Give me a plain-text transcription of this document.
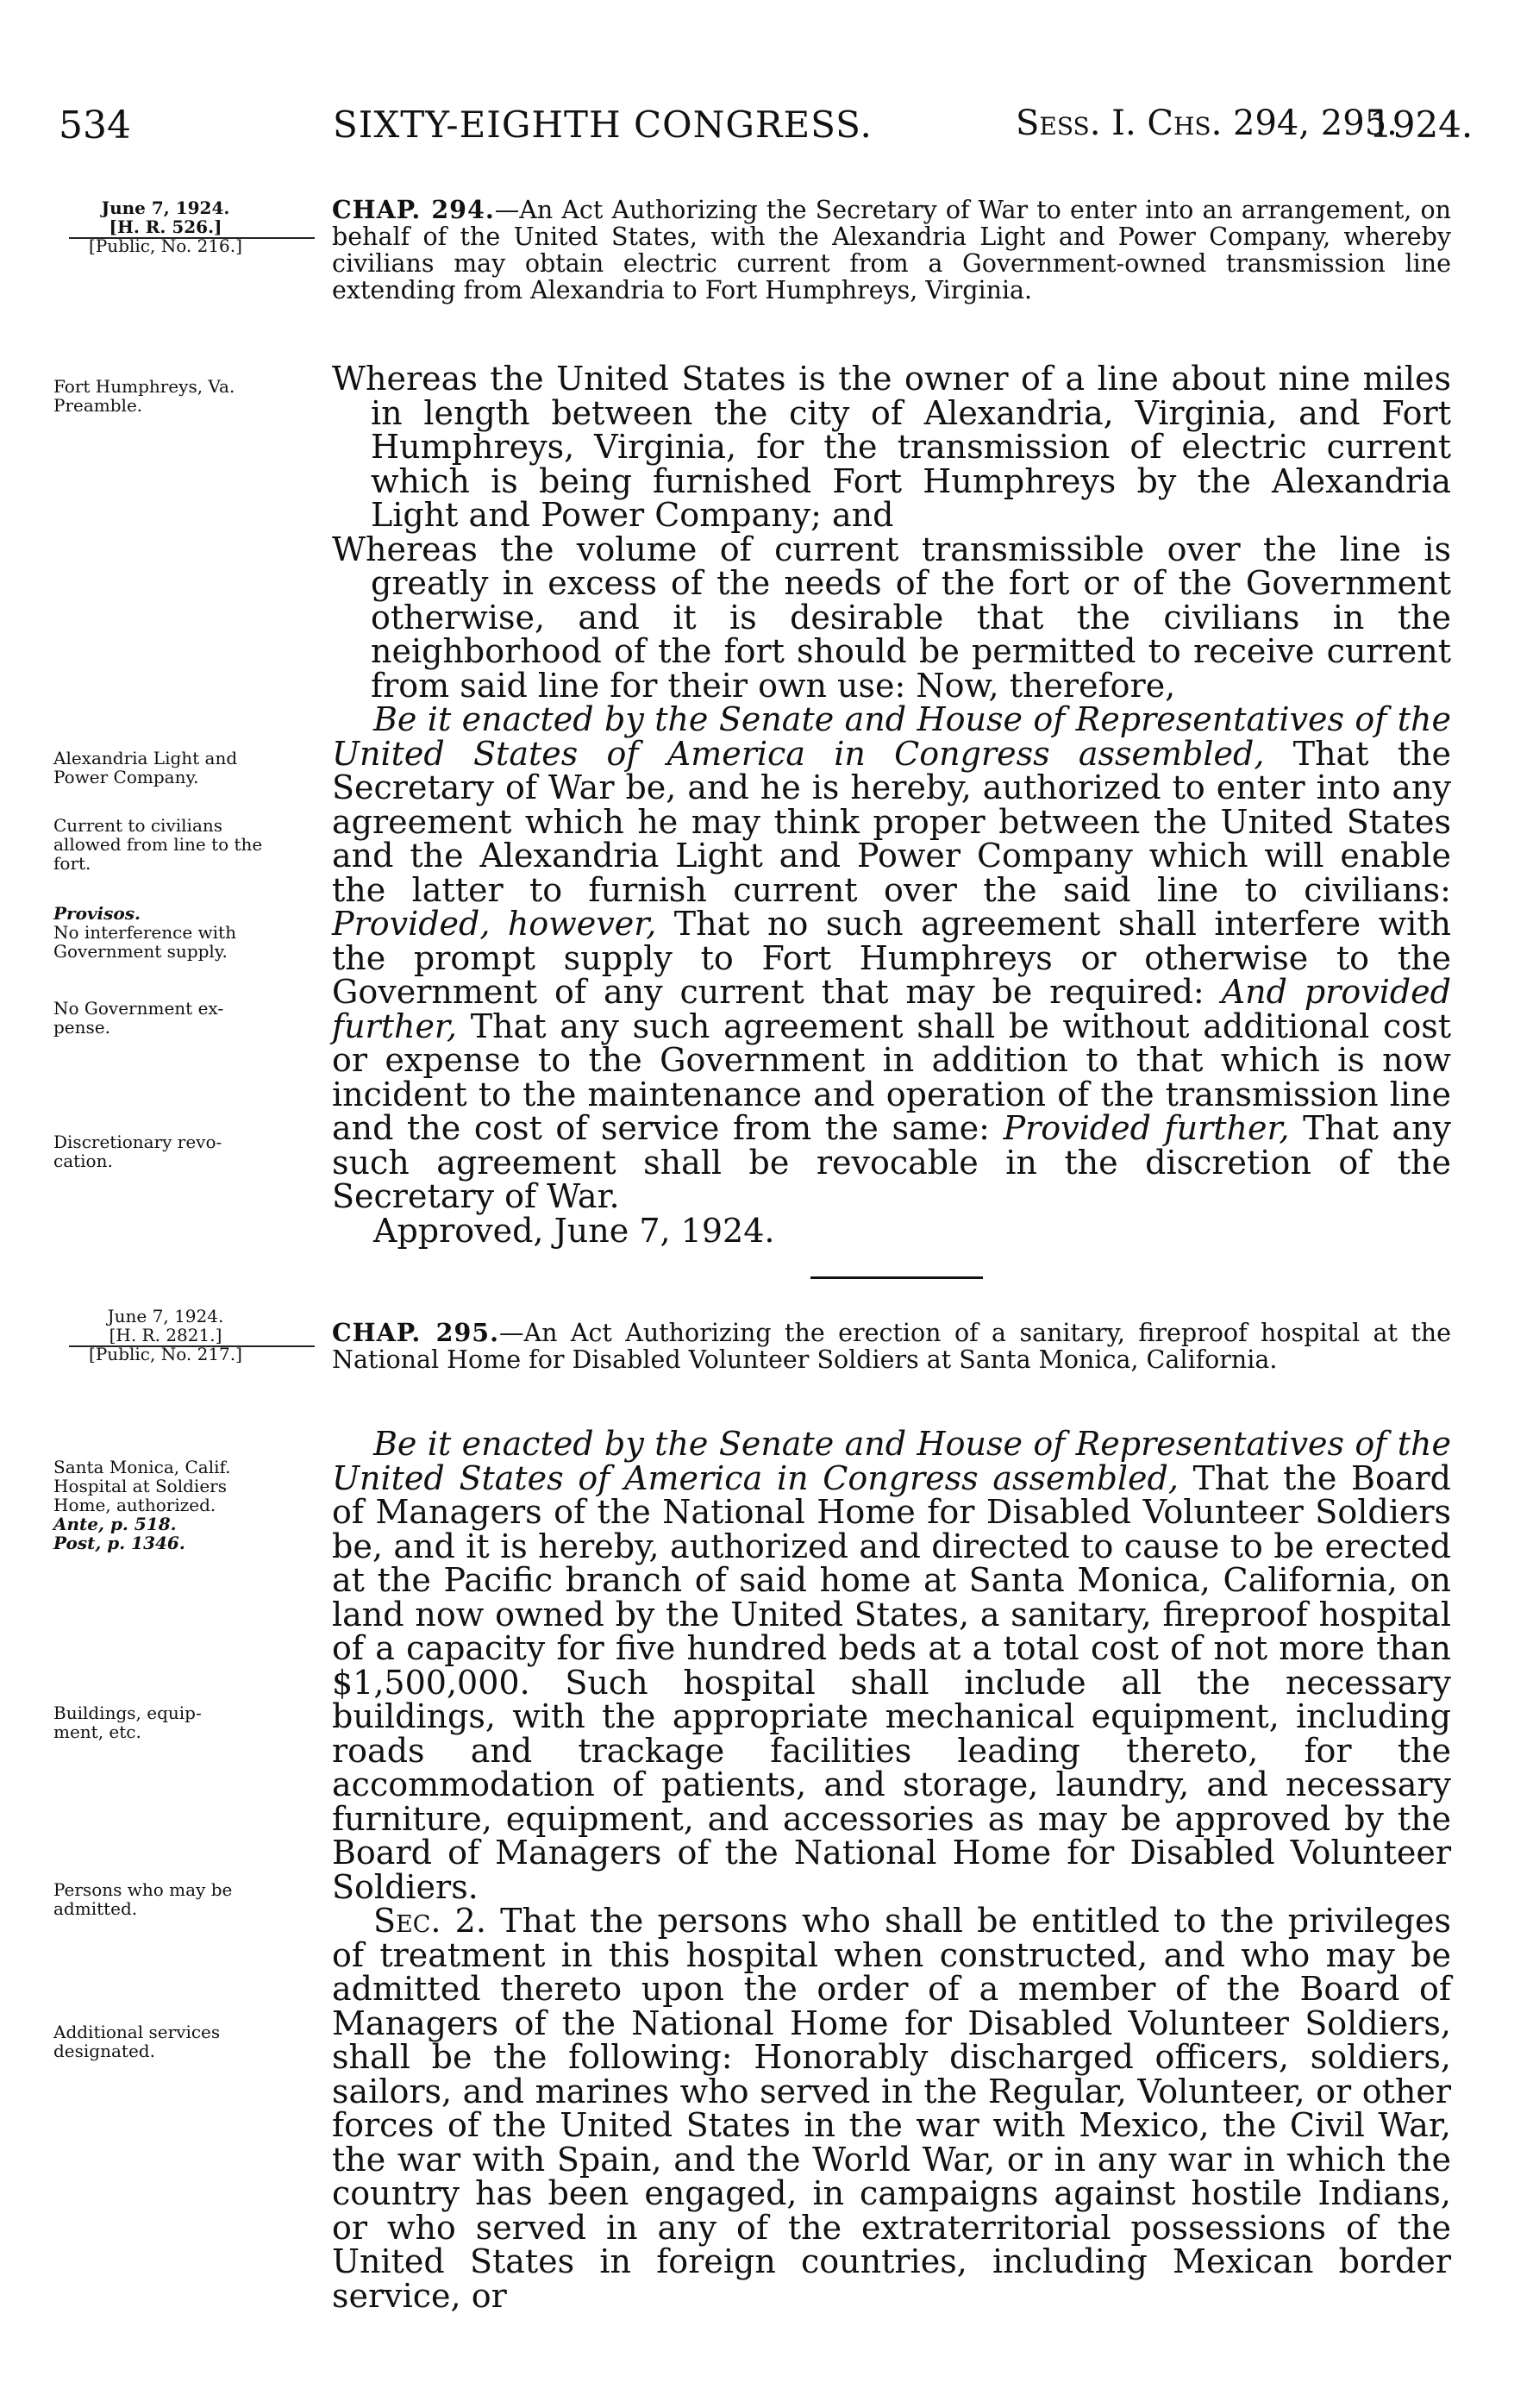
534	SIXTY-EIGHTH CONGRESS.	Sess. I. Chs. 294, 295.
1924.
June 7, 1924.
[H. R. 526.]
[Public, No. 216.]
CHAP. 294.—An Act Authorizing the Secretary of War to enter into an arrangement, on behalf of the United States, with the Alexandria Light and Power Company, whereby civilians may obtain electric current from a Government-owned transmission line extending from Alexandria to Fort Humphreys, Virginia.
Fort Humphreys, Va.
Preamble.
Alexandria Light and
Power Company.
Current to civilians
allowed from line to the
fort.
Provisos.
No interference with
Government supply.
No Government ex-
pense.
Discretionary revo-
cation.

Whereas the United States is the owner of a line about nine miles in length between the city of Alexandria, Virginia, and Fort Humphreys, Virginia, for the transmission of electric current which is being furnished Fort Humphreys by the Alexandria Light and Power Company; and

Whereas the volume of current transmissible over the line is greatly in excess of the needs of the fort or of the Government otherwise, and it is desirable that the civilians in the neighborhood of the fort should be permitted to receive current from said line for their own use: Now, therefore,

Be it enacted by the Senate and House of Representatives of the United States of America in Congress assembled, That the Secretary of War be, and he is hereby, authorized to enter into any agreement which he may think proper between the United States and the Alexandria Light and Power Company which will enable the latter to furnish current over the said line to civilians: Provided, however, That no such agreement shall interfere with the prompt supply to Fort Humphreys or otherwise to the Government of any current that may be required: And provided further, That any such agreement shall be without additional cost or expense to the Government in addition to that which is now incident to the maintenance and operation of the transmission line and the cost of service from the same: Provided further, That any such agreement shall be revocable in the discretion of the Secretary of War.

Approved, June 7, 1924.

June 7, 1924.
[H. R. 2821.]
[Public, No. 217.]
CHAP. 295.—An Act Authorizing the erection of a sanitary, fireproof hospital at the National Home for Disabled Volunteer Soldiers at Santa Monica, California.
Santa Monica, Calif.
Hospital at Soldiers
Home, authorized.
Ante, p. 518.
Post, p. 1346.
Buildings, equip-
ment, etc.
Persons who may be
admitted.
Additional services
designated.

Be it enacted by the Senate and House of Representatives of the United States of America in Congress assembled, That the Board of Managers of the National Home for Disabled Volunteer Soldiers be, and it is hereby, authorized and directed to cause to be erected at the Pacific branch of said home at Santa Monica, California, on land now owned by the United States, a sanitary, fireproof hospital of a capacity for five hundred beds at a total cost of not more than $1,500,000. Such hospital shall include all the necessary buildings, with the appropriate mechanical equipment, including roads and trackage facilities leading thereto, for the accommodation of patients, and storage, laundry, and necessary furniture, equipment, and accessories as may be approved by the Board of Managers of the National Home for Disabled Volunteer Soldiers.

Sec. 2. That the persons who shall be entitled to the privileges of treatment in this hospital when constructed, and who may be admitted thereto upon the order of a member of the Board of Managers of the National Home for Disabled Volunteer Soldiers, shall be the following: Honorably discharged officers, soldiers, sailors, and marines who served in the Regular, Volunteer, or other forces of the United States in the war with Mexico, the Civil War, the war with Spain, and the World War, or in any war in which the country has been engaged, in campaigns against hostile Indians, or who served in any of the extraterritorial possessions of the United States in foreign countries, including Mexican border service, or
